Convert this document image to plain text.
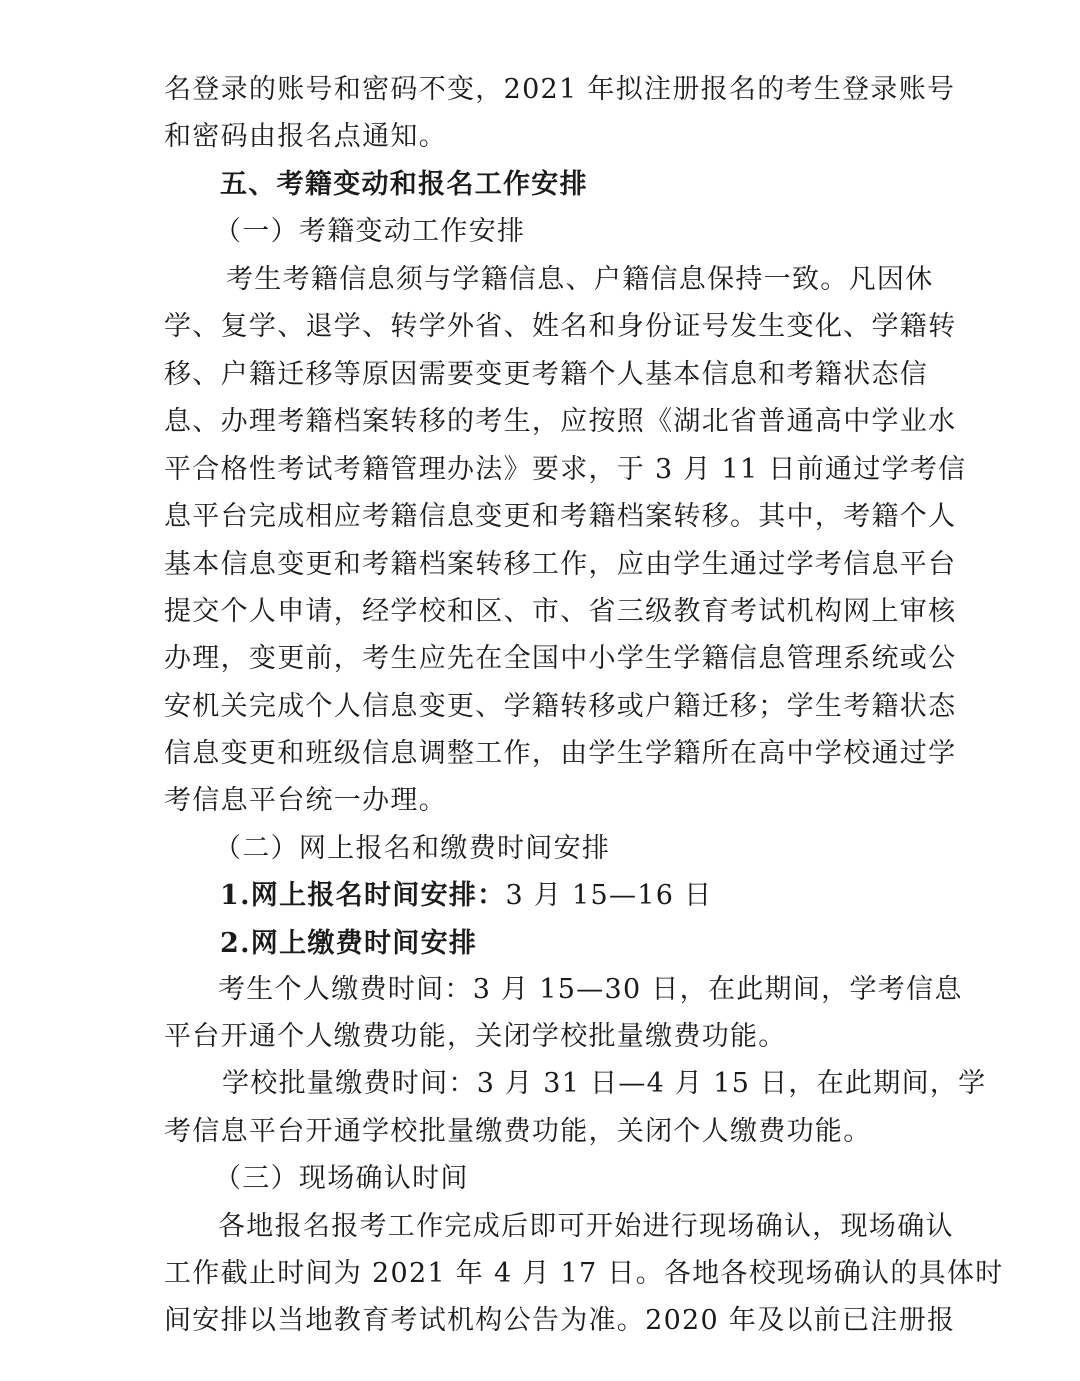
名登录的账号和密码不变，2021 年拟注册报名的考生登录账号
和密码由报名点通知。
五、考籍变动和报名工作安排
（一）考籍变动工作安排
考生考籍信息须与学籍信息、户籍信息保持一致。凡因休
学、复学、退学、转学外省、姓名和身份证号发生变化、学籍转
移、户籍迁移等原因需要变更考籍个人基本信息和考籍状态信
息、办理考籍档案转移的考生，应按照《湖北省普通高中学业水
平合格性考试考籍管理办法》要求，于 3 月 11 日前通过学考信
息平台完成相应考籍信息变更和考籍档案转移。其中，考籍个人
基本信息变更和考籍档案转移工作，应由学生通过学考信息平台
提交个人申请，经学校和区、市、省三级教育考试机构网上审核
办理，变更前，考生应先在全国中小学生学籍信息管理系统或公
安机关完成个人信息变更、学籍转移或户籍迁移；学生考籍状态
信息变更和班级信息调整工作，由学生学籍所在高中学校通过学
考信息平台统一办理。
（二）网上报名和缴费时间安排
1.网上报名时间安排：3 月 15—16 日
2.网上缴费时间安排
考生个人缴费时间：3 月 15—30 日，在此期间，学考信息
平台开通个人缴费功能，关闭学校批量缴费功能。
学校批量缴费时间：3 月 31 日—4 月 15 日，在此期间，学
考信息平台开通学校批量缴费功能，关闭个人缴费功能。
（三）现场确认时间
各地报名报考工作完成后即可开始进行现场确认，现场确认
工作截止时间为 2021 年 4 月 17 日。各地各校现场确认的具体时
间安排以当地教育考试机构公告为准。2020 年及以前已注册报
